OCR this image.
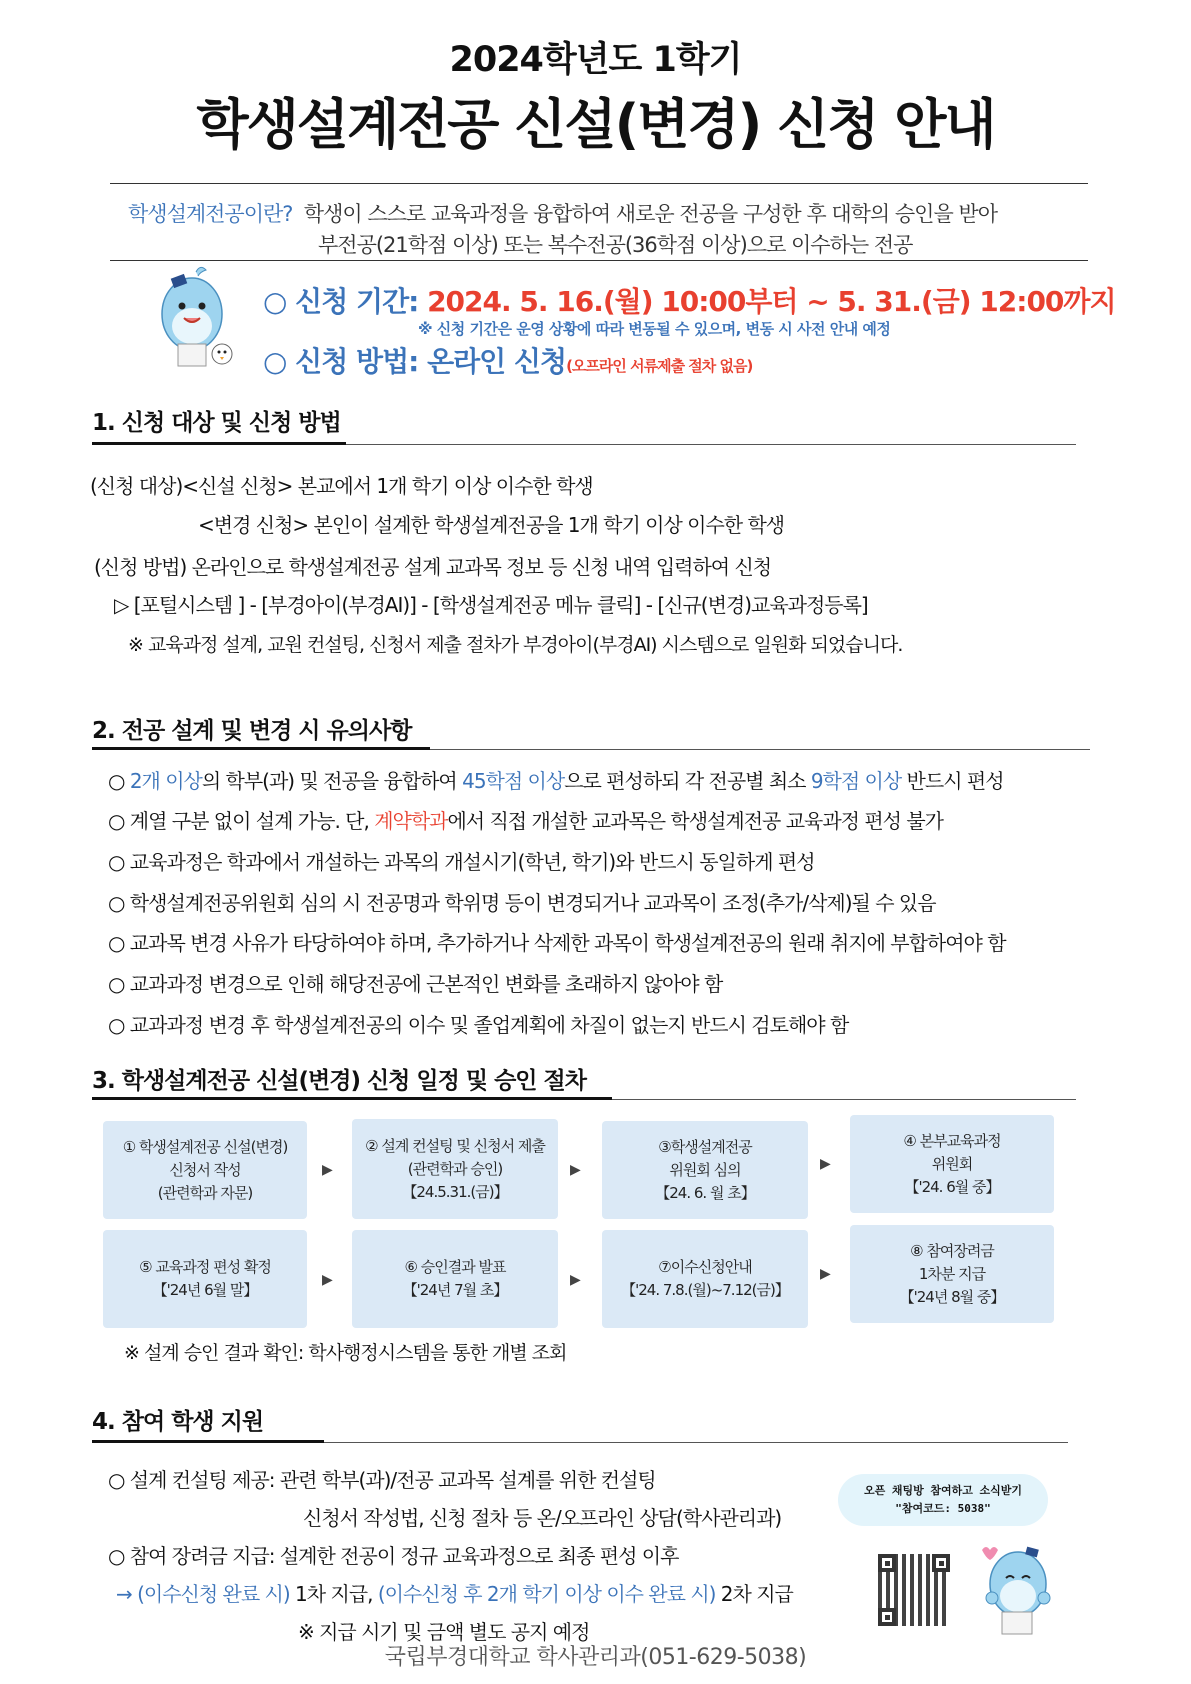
2024학년도 1학기
학생설계전공 신설(변경) 신청 안내
학생설계전공이란? 학생이 스스로 교육과정을 융합하여 새로운 전공을 구성한 후 대학의 승인을 받아
부전공(21학점 이상) 또는 복수전공(36학점 이상)으로 이수하는 전공
○ 신청 기간: 2024. 5. 16.(월) 10:00부터 ~ 5. 31.(금) 12:00까지
※ 신청 기간은 운영 상황에 따라 변동될 수 있으며, 변동 시 사전 안내 예정
○ 신청 방법: 온라인 신청(오프라인 서류제출 절차 없음)
1. 신청 대상 및 신청 방법
(신청 대상)<신설 신청> 본교에서 1개 학기 이상 이수한 학생
<변경 신청> 본인이 설계한 학생설계전공을 1개 학기 이상 이수한 학생
(신청 방법) 온라인으로 학생설계전공 설계 교과목 정보 등 신청 내역 입력하여 신청
▷ [포털시스템 ] - [부경아이(부경AI)] - [학생설계전공 메뉴 클릭] - [신규(변경)교육과정등록]
※ 교육과정 설계, 교원 컨설팅, 신청서 제출 절차가 부경아이(부경AI) 시스템으로 일원화 되었습니다.
2. 전공 설계 및 변경 시 유의사항
○ 2개 이상의 학부(과) 및 전공을 융합하여 45학점 이상으로 편성하되 각 전공별 최소 9학점 이상 반드시 편성
○ 계열 구분 없이 설계 가능. 단, 계약학과에서 직접 개설한 교과목은 학생설계전공 교육과정 편성 불가
○ 교육과정은 학과에서 개설하는 과목의 개설시기(학년, 학기)와 반드시 동일하게 편성
○ 학생설계전공위원회 심의 시 전공명과 학위명 등이 변경되거나 교과목이 조정(추가/삭제)될 수 있음
○ 교과목 변경 사유가 타당하여야 하며, 추가하거나 삭제한 과목이 학생설계전공의 원래 취지에 부합하여야 함
○ 교과과정 변경으로 인해 해당전공에 근본적인 변화를 초래하지 않아야 함
○ 교과과정 변경 후 학생설계전공의 이수 및 졸업계획에 차질이 없는지 반드시 검토해야 함
3. 학생설계전공 신설(변경) 신청 일정 및 승인 절차
① 학생설계전공 신설(변경)
신청서 작성
(관련학과 자문)
▶
② 설계 컨설팅 및 신청서 제출
(관련학과 승인)
【24.5.31.(금)】
▶
③학생설계전공
위원회 심의
【24. 6. 월 초】
▶
④ 본부교육과정
위원회
【'24. 6월 중】
⑤ 교육과정 편성 확정
【'24년 6월 말】
▶
⑥ 승인결과 발표
【'24년 7월 초】
▶
⑦이수신청안내
【'24. 7.8.(월)~7.12(금)】
▶
⑧ 참여장려금
1차분 지급
【'24년 8월 중】
※ 설계 승인 결과 확인: 학사행정시스템을 통한 개별 조회
4. 참여 학생 지원
○ 설계 컨설팅 제공: 관련 학부(과)/전공 교과목 설계를 위한 컨설팅
신청서 작성법, 신청 절차 등 온/오프라인 상담(학사관리과)
○ 참여 장려금 지급: 설계한 전공이 정규 교육과정으로 최종 편성 이후
→ (이수신청 완료 시) 1차 지급, (이수신청 후 2개 학기 이상 이수 완료 시) 2차 지급
※ 지급 시기 및 금액 별도 공지 예정
오픈 채팅방 참여하고 소식받기
"참여코드: 5038"
국립부경대학교 학사관리과(051-629-5038)
